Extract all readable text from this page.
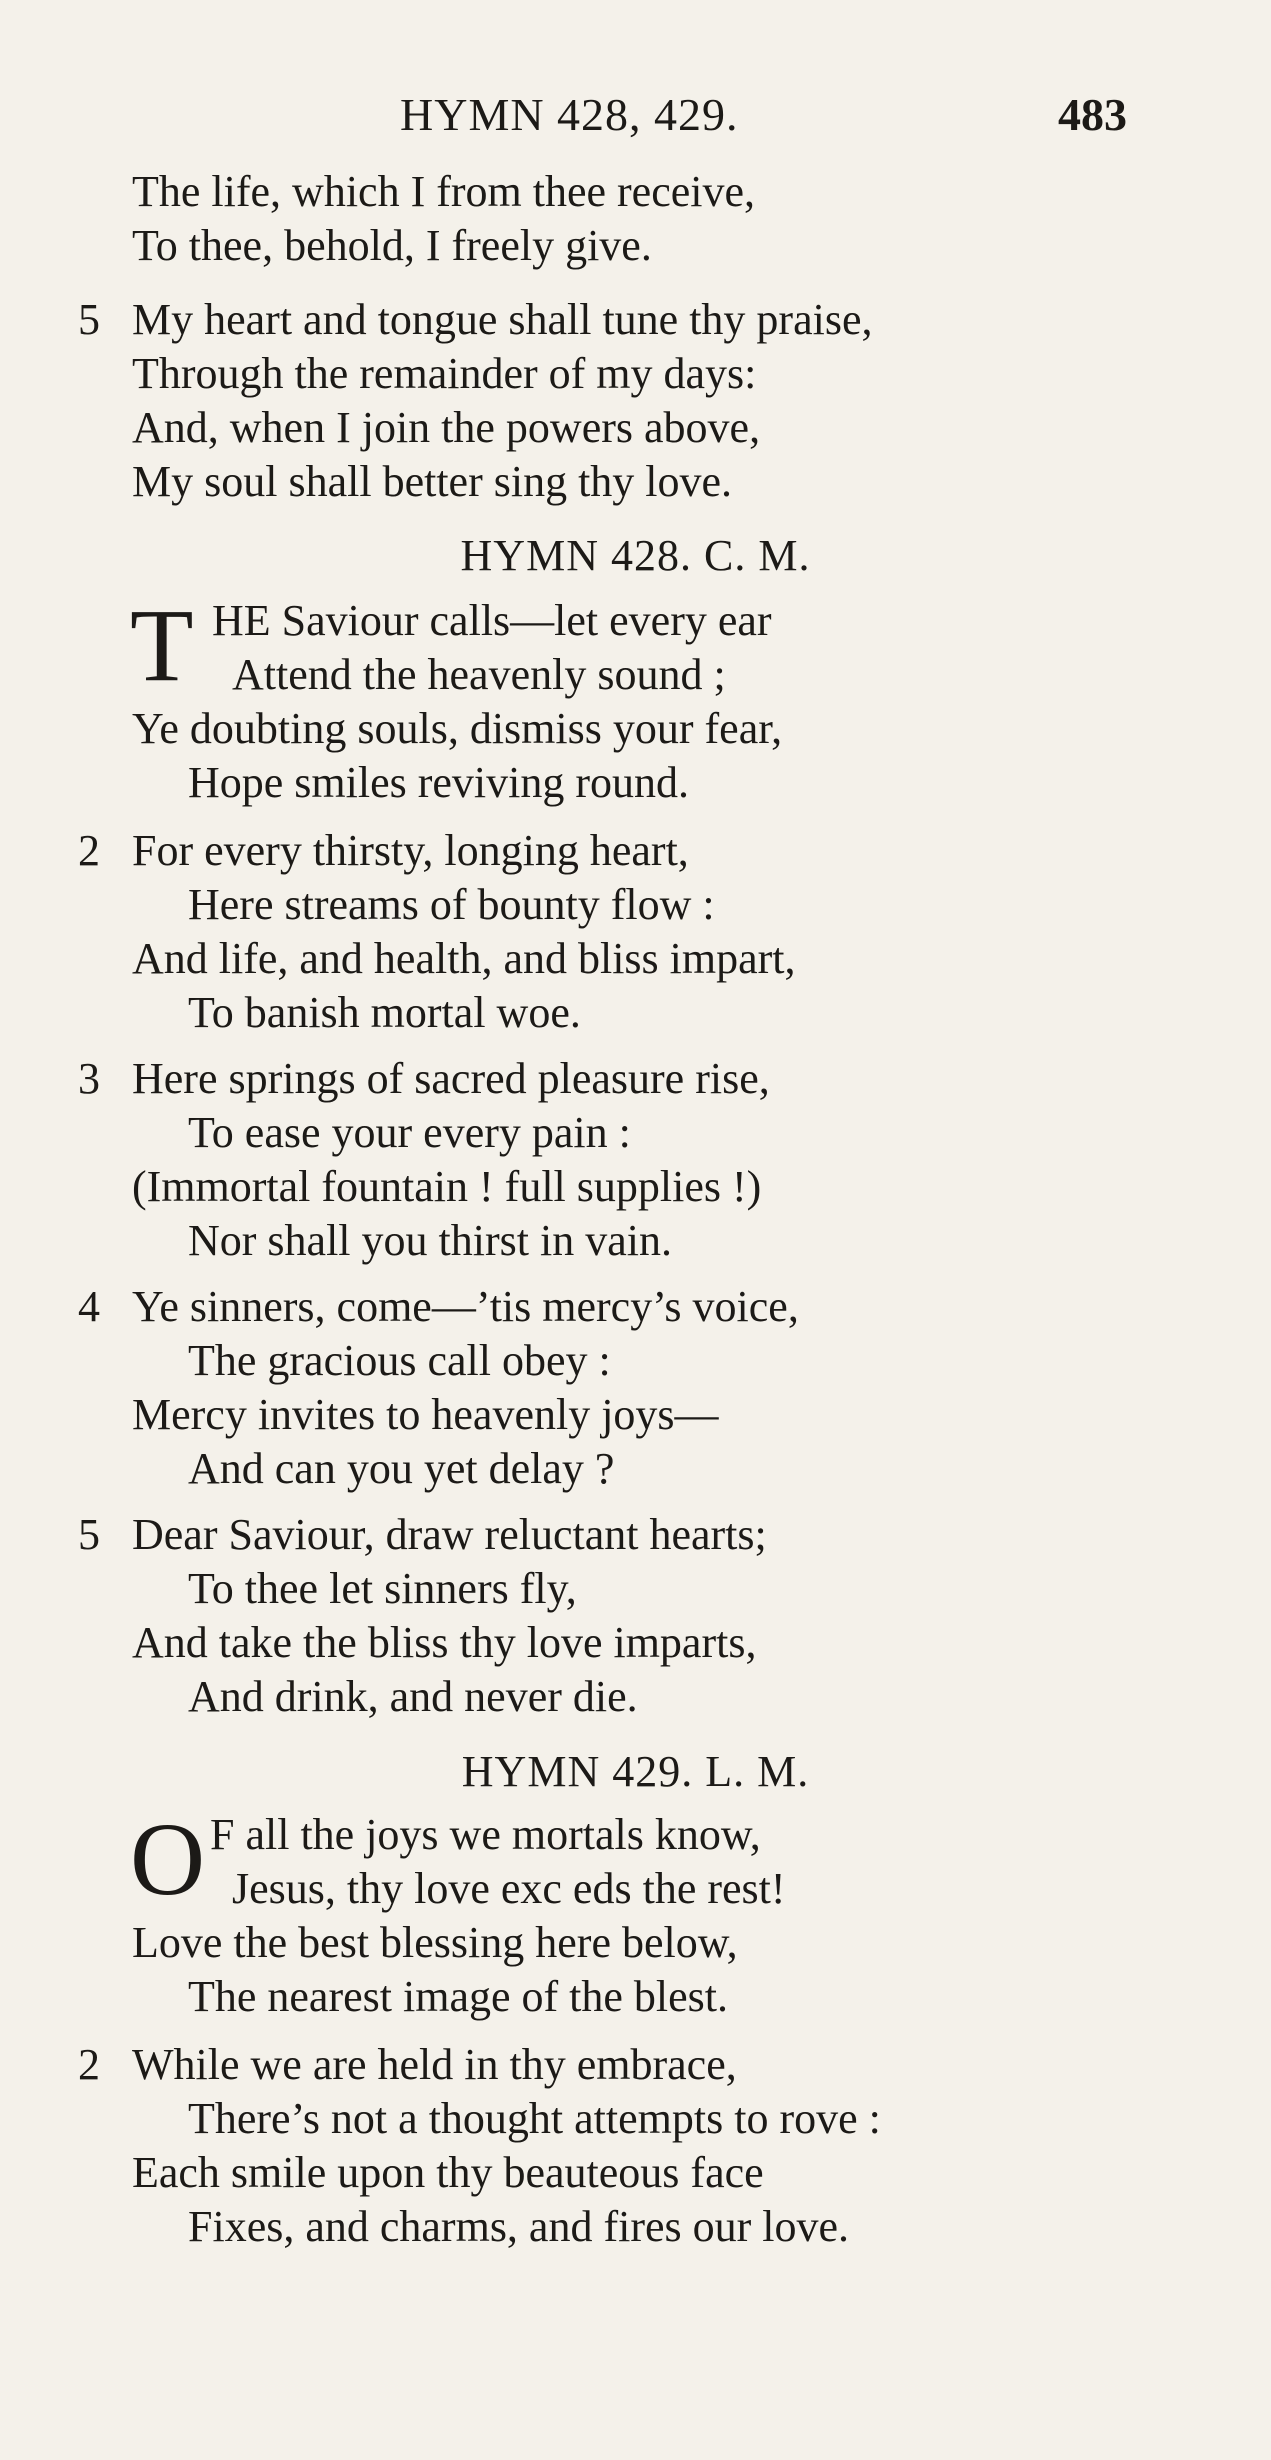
HYMN 428, 429.	483
The life, which I from thee receive,
To thee, behold, I freely give.
5 My heart and tongue shall tune thy praise,
Through the remainder of my days:
And, when I join the powers above,
My soul shall better sing thy love.
HYMN 428. C. M.
T HE Saviour calls—let every ear
Attend the heavenly sound ;
Ye doubting souls, dismiss your fear,
Hope smiles reviving round.
2 For every thirsty, longing heart,
Here streams of bounty flow :
And life, and health, and bliss impart,
To banish mortal woe.
3 Here springs of sacred pleasure rise,
To ease your every pain :
(Immortal fountain ! full supplies !)
Nor shall you thirst in vain.
4 Ye sinners, come—’tis mercy’s voice,
The gracious call obey :
Mercy invites to heavenly joys—
And can you yet delay ?
5 Dear Saviour, draw reluctant hearts;
To thee let sinners fly,
And take the bliss thy love imparts,
And drink, and never die.
HYMN 429. L. M.
O F all the joys we mortals know,
Jesus, thy love exc eds the rest!
Love the best blessing here below,
The nearest image of the blest.
2 While we are held in thy embrace,
There’s not a thought attempts to rove :
Each smile upon thy beauteous face
Fixes, and charms, and fires our love.
